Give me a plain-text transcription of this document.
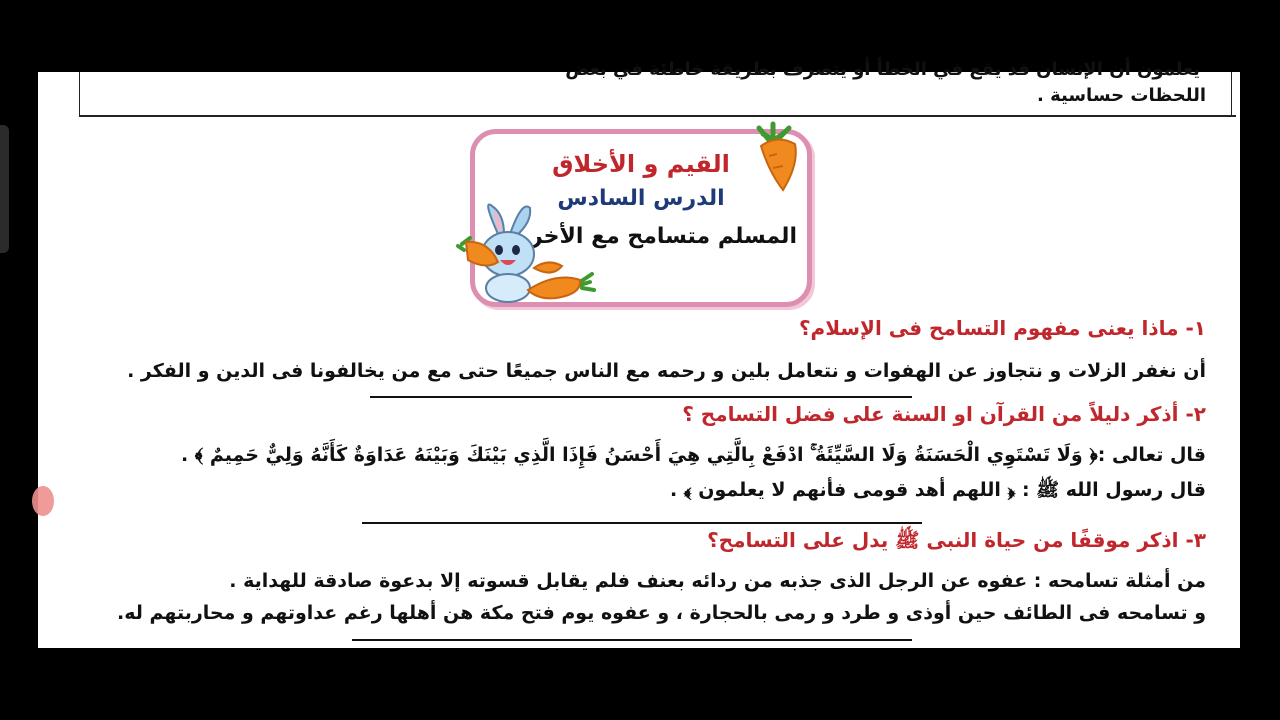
يعلمون أن الإنسان قد يقع في الخطأ أو يتصرف بطريقة خاطئة في بعض
اللحظات حساسية .
القيم و الأخلاق
الدرس السادس
المسلم متسامح مع الأخر
١- ماذا يعنى مفهوم التسامح فى الإسلام؟
أن نغفر الزلات و نتجاوز عن الهفوات و نتعامل بلين و رحمه مع الناس جميعًا حتى مع من يخالفونا فى الدين و الفكر .
٢- أذكر دليلاً من القرآن او السنة على فضل التسامح ؟
قال تعالى :﴿ وَلَا تَسْتَوِي الْحَسَنَةُ وَلَا السَّيِّئَةُ ۚ ادْفَعْ بِالَّتِي هِيَ أَحْسَنُ فَإِذَا الَّذِي بَيْنَكَ وَبَيْنَهُ عَدَاوَةٌ كَأَنَّهُ وَلِيٌّ حَمِيمٌ ﴾ .
قال رسول الله ﷺ : ﴿ اللهم أهد قومى فأنهم لا يعلمون ﴾ .
٣- اذكر موقفًا من حياة النبى ﷺ يدل على التسامح؟
من أمثلة تسامحه : عفوه عن الرجل الذى جذبه من ردائه بعنف فلم يقابل قسوته إلا بدعوة صادقة للهداية .
و تسامحه فى الطائف حين أوذى و طرد و رمى بالحجارة ، و عفوه يوم فتح مكة هن أهلها رغم عداوتهم و محاربتهم له.
